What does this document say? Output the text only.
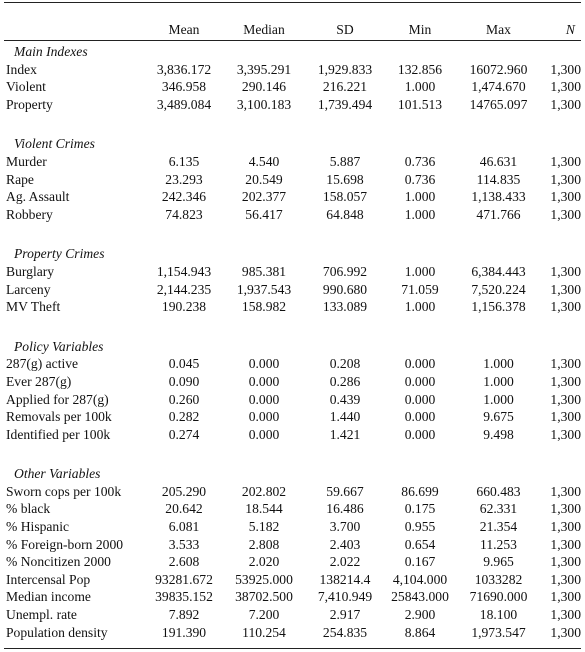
	Mean	Median	SD	Min	Max	N
Main Indexes						
Index	3,836.172	3,395.291	1,929.833	132.856	16072.960	1,300
Violent	346.958	290.146	216.221	1.000	1,474.670	1,300
Property	3,489.084	3,100.183	1,739.494	101.513	14765.097	1,300

Violent Crimes						
Murder	6.135	4.540	5.887	0.736	46.631	1,300
Rape	23.293	20.549	15.698	0.736	114.835	1,300
Ag. Assault	242.346	202.377	158.057	1.000	1,138.433	1,300
Robbery	74.823	56.417	64.848	1.000	471.766	1,300

Property Crimes						
Burglary	1,154.943	985.381	706.992	1.000	6,384.443	1,300
Larceny	2,144.235	1,937.543	990.680	71.059	7,520.224	1,300
MV Theft	190.238	158.982	133.089	1.000	1,156.378	1,300

Policy Variables						
287(g) active	0.045	0.000	0.208	0.000	1.000	1,300
Ever 287(g)	0.090	0.000	0.286	0.000	1.000	1,300
Applied for 287(g)	0.260	0.000	0.439	0.000	1.000	1,300
Removals per 100k	0.282	0.000	1.440	0.000	9.675	1,300
Identified per 100k	0.274	0.000	1.421	0.000	9.498	1,300

Other Variables						
Sworn cops per 100k	205.290	202.802	59.667	86.699	660.483	1,300
% black	20.642	18.544	16.486	0.175	62.331	1,300
% Hispanic	6.081	5.182	3.700	0.955	21.354	1,300
% Foreign-born 2000	3.533	2.808	2.403	0.654	11.253	1,300
% Noncitizen 2000	2.608	2.020	2.022	0.167	9.965	1,300
Intercensal Pop	93281.672	53925.000	138214.4	4,104.000	1033282	1,300
Median income	39835.152	38702.500	7,410.949	25843.000	71690.000	1,300
Unempl. rate	7.892	7.200	2.917	2.900	18.100	1,300
Population density	191.390	110.254	254.835	8.864	1,973.547	1,300
